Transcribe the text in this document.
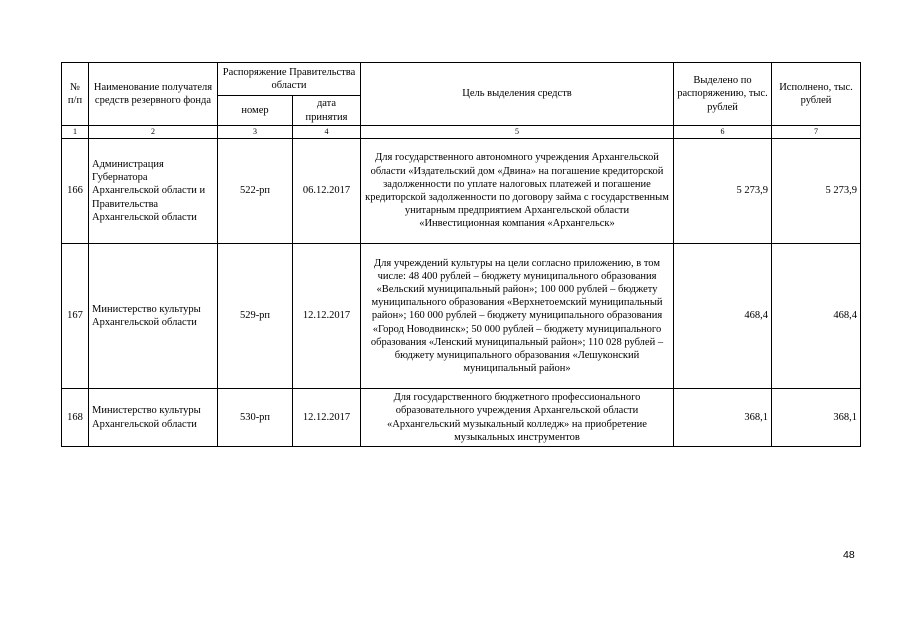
№ п/п	Наименование получателя средств резервного фонда	Распоряжение Правительства области		Цель выделения средств	Выделено по распоряжению, тыс. рублей	Исполнено, тыс. рублей
		номер	дата принятия			
1	2	3	4	5	6	7
166	Администрация Губернатора Архангельской области и Правительства Архангельской области	522-рп	06.12.2017	Для государственного автономного учреждения Архангельской области «Издательский дом «Двина» на погашение кредиторской задолженности по уплате налоговых платежей и погашение кредиторской задолженности по договору займа с государственным унитарным предприятием Архангельской области «Инвестиционная компания «Архангельск»	5 273,9	5 273,9
167	Министерство культуры Архангельской области	529-рп	12.12.2017	Для учреждений культуры на цели согласно приложению, в том числе: 48 400 рублей – бюджету муниципального образования «Вельский муниципальный район»; 100 000 рублей – бюджету муниципального образования «Верхнетоемский муниципальный район»; 160 000 рублей – бюджету муниципального образования «Город Новодвинск»; 50 000 рублей – бюджету муниципального образования «Ленский муниципальный район»; 110 028 рублей – бюджету муниципального образования «Лешуконский муниципальный район»	468,4	468,4
168	Министерство культуры Архангельской области	530-рп	12.12.2017	Для государственного бюджетного профессионального образовательного учреждения Архангельской области «Архангельский музыкальный колледж» на приобретение музыкальных инструментов	368,1	368,1
48
